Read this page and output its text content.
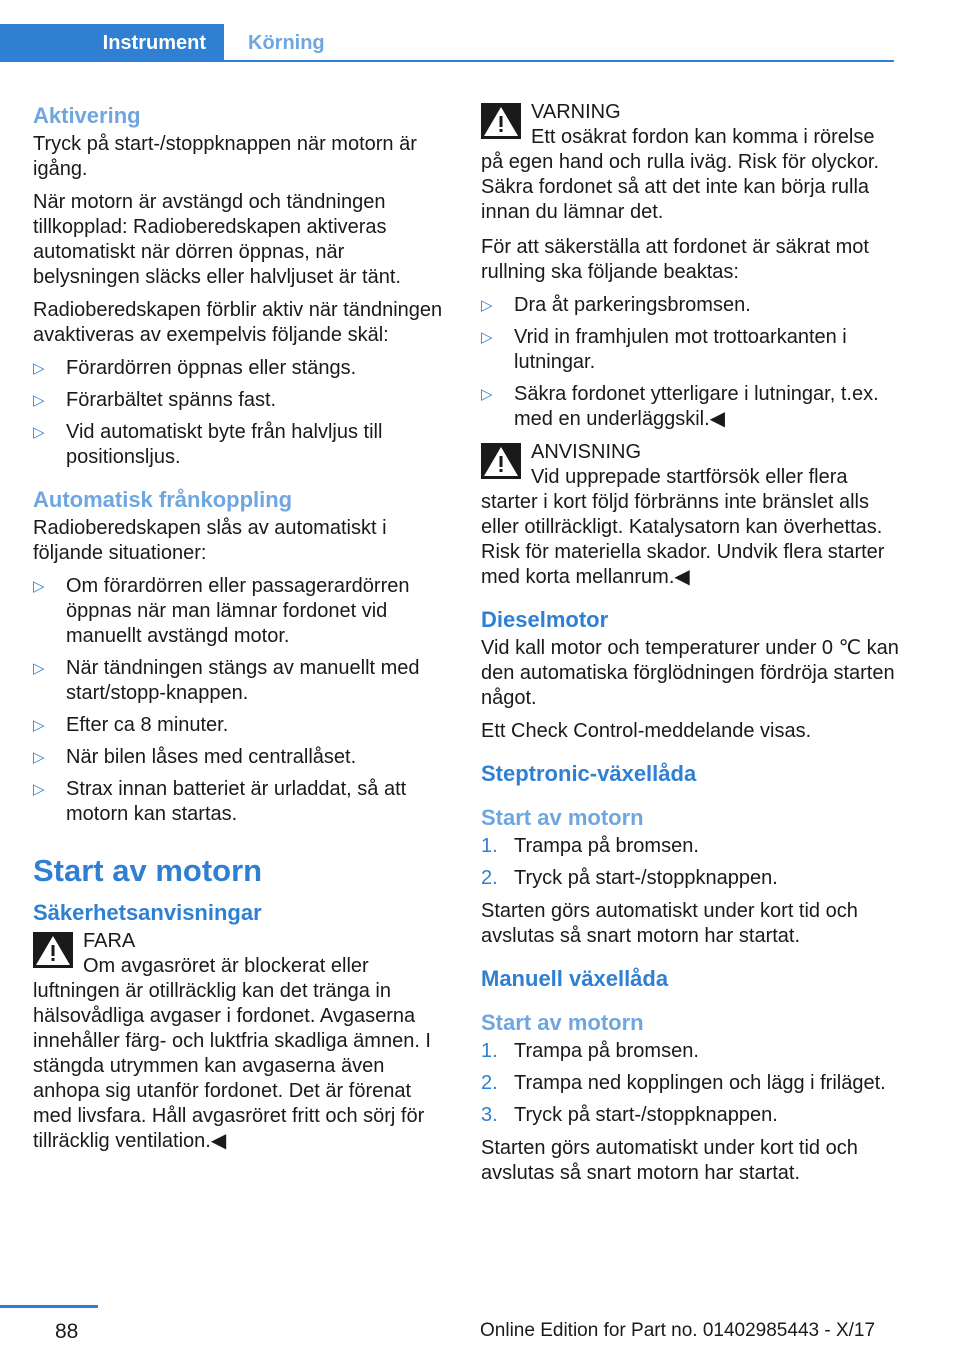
Instrument	Körning
Aktivering

Tryck på start-/stoppknappen när motorn är igång.

När motorn är avstängd och tändningen tillkopplad: Radioberedskapen aktiveras automatiskt när dörren öppnas, när belysningen släcks eller halvljuset är tänt.

Radioberedskapen förblir aktiv när tändningen avaktiveras av exempelvis följande skäl:

▷ Förardörren öppnas eller stängs.
▷ Förarbältet spänns fast.
▷ Vid automatiskt byte från halvljus till positionsljus.
Automatisk frånkoppling

Radioberedskapen slås av automatiskt i följande situationer:

▷ Om förardörren eller passagerardörren öppnas när man lämnar fordonet vid manuellt avstängd motor.
▷ När tändningen stängs av manuellt med start/stopp-knappen.
▷ Efter ca 8 minuter.
▷ När bilen låses med centrallåset.
▷ Strax innan batteriet är urladdat, så att motorn kan startas.
Start av motorn
Säkerhetsanvisningar
FARA
Om avgasröret är blockerat eller luftningen är otillräcklig kan det tränga in hälsovådliga avgaser i fordonet. Avgaserna innehåller färg- och luktfria skadliga ämnen. I stängda utrymmen kan avgaserna även anhopa sig utanför fordonet. Det är förenat med livsfara. Håll avgasröret fritt och sörj för tillräcklig ventilation.◀
VARNING
Ett osäkrat fordon kan komma i rörelse på egen hand och rulla iväg. Risk för olyckor. Säkra fordonet så att det inte kan börja rulla innan du lämnar det.

För att säkerställa att fordonet är säkrat mot rullning ska följande beaktas:

▷ Dra åt parkeringsbromsen.
▷ Vrid in framhjulen mot trottoarkanten i lutningar.
▷ Säkra fordonet ytterligare i lutningar, t.ex. med en underläggskil.◀
ANVISNING
Vid upprepade startförsök eller flera starter i kort följd förbränns inte bränslet alls eller otillräckligt. Katalysatorn kan överhettas. Risk för materiella skador. Undvik flera starter med korta mellanrum.◀
Dieselmotor

Vid kall motor och temperaturer under 0 ℃ kan den automatiska förglödningen fördröja starten något.

Ett Check Control-meddelande visas.

Steptronic-växellåda
Start av motorn
1. Trampa på bromsen.
2. Tryck på start-/stoppknappen.

Starten görs automatiskt under kort tid och avslutas så snart motorn har startat.

Manuell växellåda
Start av motorn
1. Trampa på bromsen.
2. Trampa ned kopplingen och lägg i friläget.
3. Tryck på start-/stoppknappen.

Starten görs automatiskt under kort tid och avslutas så snart motorn har startat.

88	Online Edition for Part no. 01402985443 - X/17
